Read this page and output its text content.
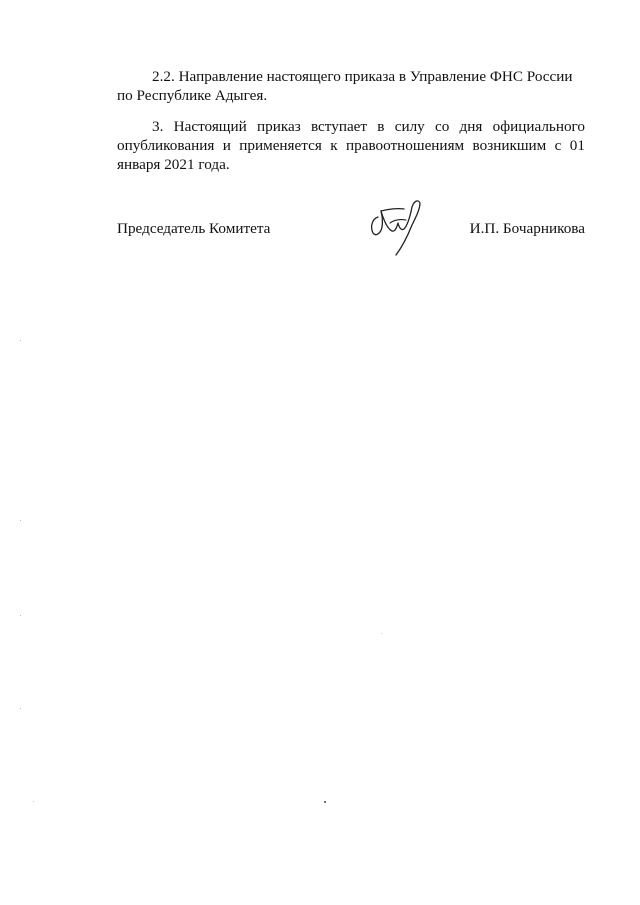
2.2. Направление настоящего приказа в Управление ФНС России по Республике Адыгея.

3. Настоящий приказ вступает в силу со дня официального
опубликования и применяется к правоотношениям возникшим с 01
января 2021 года.

Председатель Комитета	И.П. Бочарникова
